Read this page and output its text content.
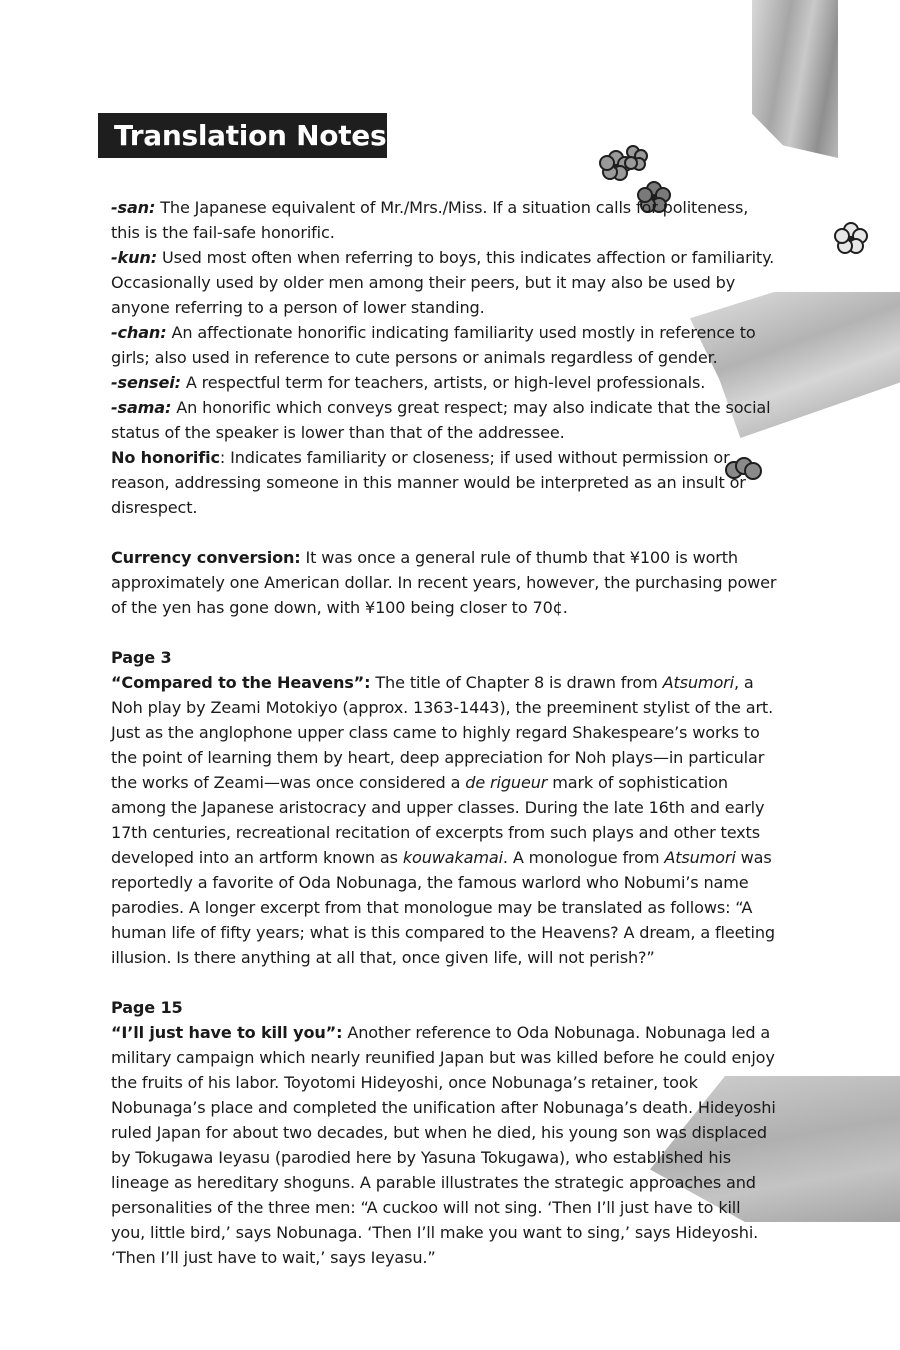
Translation Notes

-san: The Japanese equivalent of Mr./Mrs./Miss. If a situation calls for politeness, this is the fail-safe honorific.

-kun: Used most often when referring to boys, this indicates affection or familiarity. Occasionally used by older men among their peers, but it may also be used by anyone referring to a person of lower standing.

-chan: An affectionate honorific indicating familiarity used mostly in reference to girls; also used in reference to cute persons or animals regardless of gender.

-sensei: A respectful term for teachers, artists, or high-level professionals.

-sama: An honorific which conveys great respect; may also indicate that the social status of the speaker is lower than that of the addressee.

No honorific: Indicates familiarity or closeness; if used without permission or reason, addressing someone in this manner would be interpreted as an insult or disrespect.

Currency conversion: It was once a general rule of thumb that ¥100 is worth approximately one American dollar. In recent years, however, the purchasing power of the yen has gone down, with ¥100 being closer to 70¢.

Page 3

“Compared to the Heavens”: The title of Chapter 8 is drawn from Atsumori, a Noh play by Zeami Motokiyo (approx. 1363-1443), the preeminent stylist of the art. Just as the anglophone upper class came to highly regard Shakespeare’s works to the point of learning them by heart, deep appreciation for Noh plays—in particular the works of Zeami—was once considered a de rigueur mark of sophistication among the Japanese aristocracy and upper classes. During the late 16th and early 17th centuries, recreational recitation of excerpts from such plays and other texts developed into an artform known as kouwakamai. A monologue from Atsumori was reportedly a favorite of Oda Nobunaga, the famous warlord who Nobumi’s name parodies. A longer excerpt from that monologue may be translated as follows: “A human life of fifty years; what is this compared to the Heavens? A dream, a fleeting illusion. Is there anything at all that, once given life, will not perish?”

Page 15

“I’ll just have to kill you”: Another reference to Oda Nobunaga. Nobunaga led a military campaign which nearly reunified Japan but was killed before he could enjoy the fruits of his labor. Toyotomi Hideyoshi, once Nobunaga’s retainer, took Nobunaga’s place and completed the unification after Nobunaga’s death. Hideyoshi ruled Japan for about two decades, but when he died, his young son was displaced by Tokugawa Ieyasu (parodied here by Yasuna Tokugawa), who established his lineage as hereditary shoguns. A parable illustrates the strategic approaches and personalities of the three men: “A cuckoo will not sing. ‘Then I’ll just have to kill you, little bird,’ says Nobunaga. ‘Then I’ll make you want to sing,’ says Hideyoshi. ‘Then I’ll just have to wait,’ says Ieyasu.”
